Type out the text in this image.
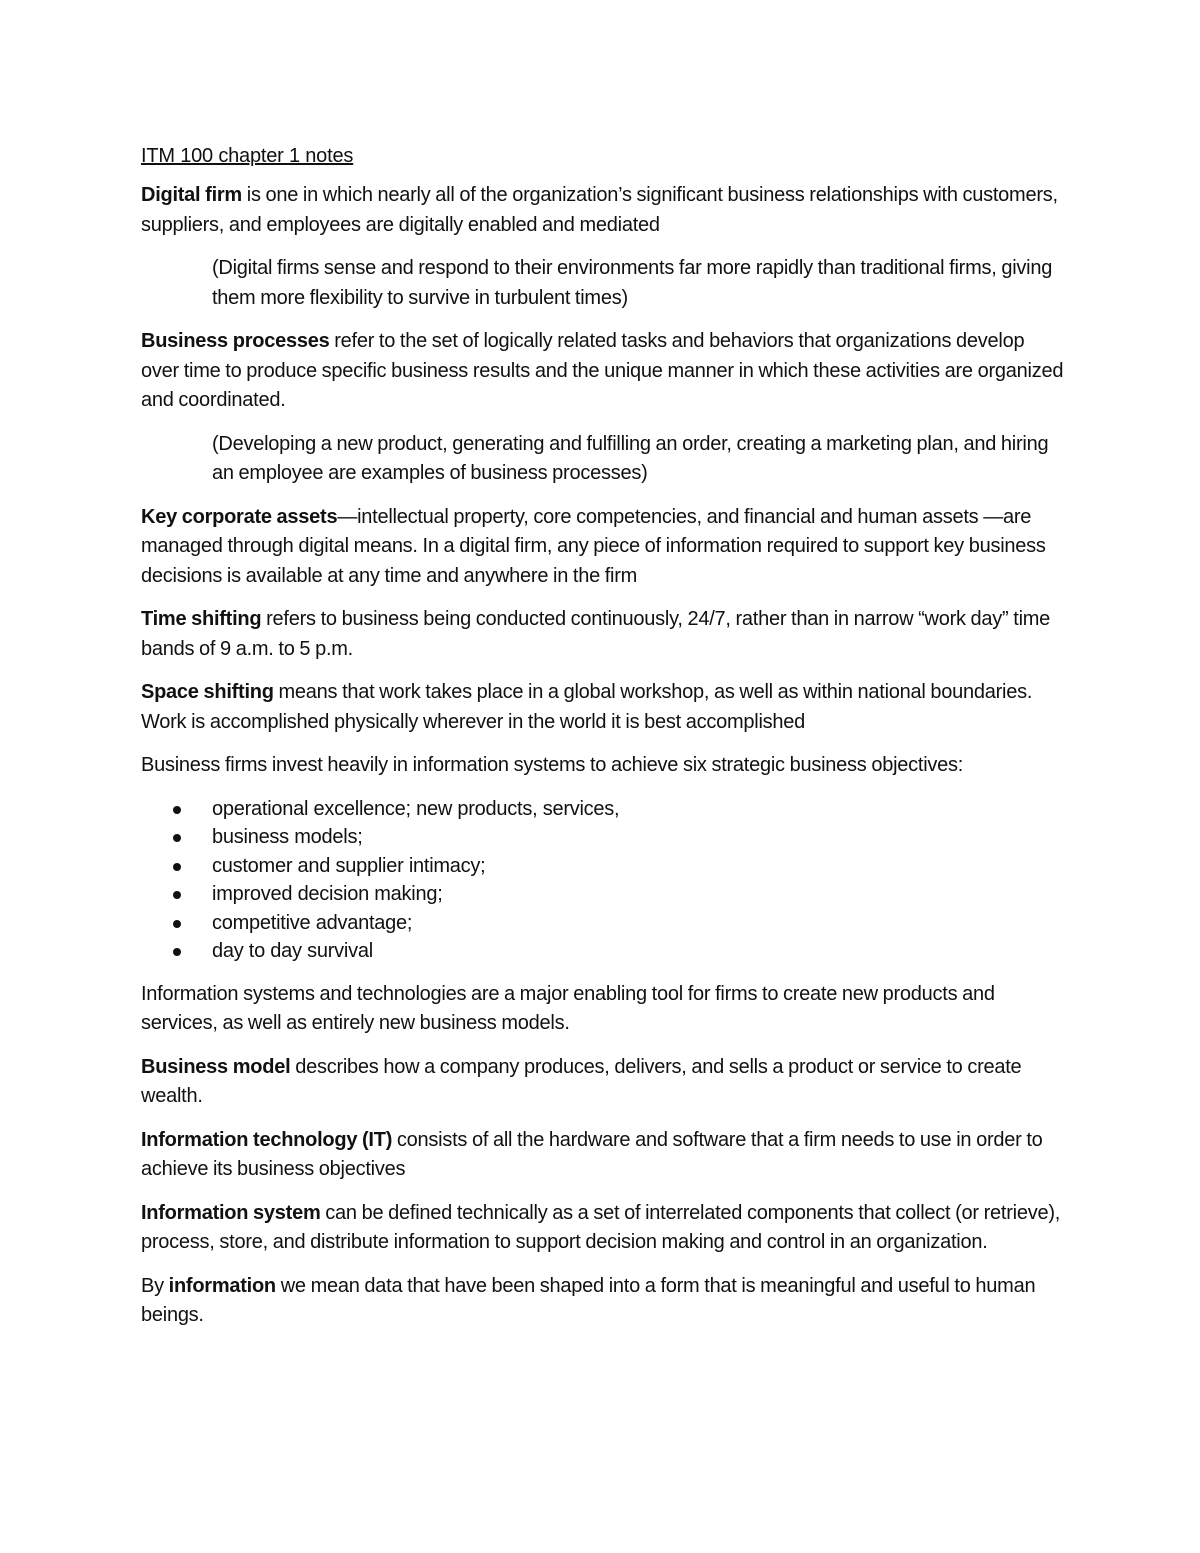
ITM 100 chapter 1 notes

Digital firm is one in which nearly all of the organization’s significant business relationships with customers, suppliers, and employees are digitally enabled and mediated

(Digital firms sense and respond to their environments far more rapidly than traditional firms, giving them more flexibility to survive in turbulent times)

Business processes refer to the set of logically related tasks and behaviors that organizations develop over time to produce specific business results and the unique manner in which these activities are organized and coordinated.

(Developing a new product, generating and fulfilling an order, creating a marketing plan, and hiring an employee are examples of business processes)

Key corporate assets—intellectual property, core competencies, and financial and human assets —are managed through digital means. In a digital firm, any piece of information required to support key business decisions is available at any time and anywhere in the firm

Time shifting refers to business being conducted continuously, 24/7, rather than in narrow “work day” time bands of 9 a.m. to 5 p.m.

Space shifting means that work takes place in a global workshop, as well as within national boundaries. Work is accomplished physically wherever in the world it is best accomplished

Business firms invest heavily in information systems to achieve six strategic business objectives:

operational excellence; new products, services,
business models;
customer and supplier intimacy;
improved decision making;
competitive advantage;
day to day survival

Information systems and technologies are a major enabling tool for firms to create new products and services, as well as entirely new business models.

Business model describes how a company produces, delivers, and sells a product or service to create wealth.

Information technology (IT) consists of all the hardware and software that a firm needs to use in order to achieve its business objectives

Information system can be defined technically as a set of interrelated components that collect (or retrieve), process, store, and distribute information to support decision making and control in an organization.

By information we mean data that have been shaped into a form that is meaningful and useful to human beings.
